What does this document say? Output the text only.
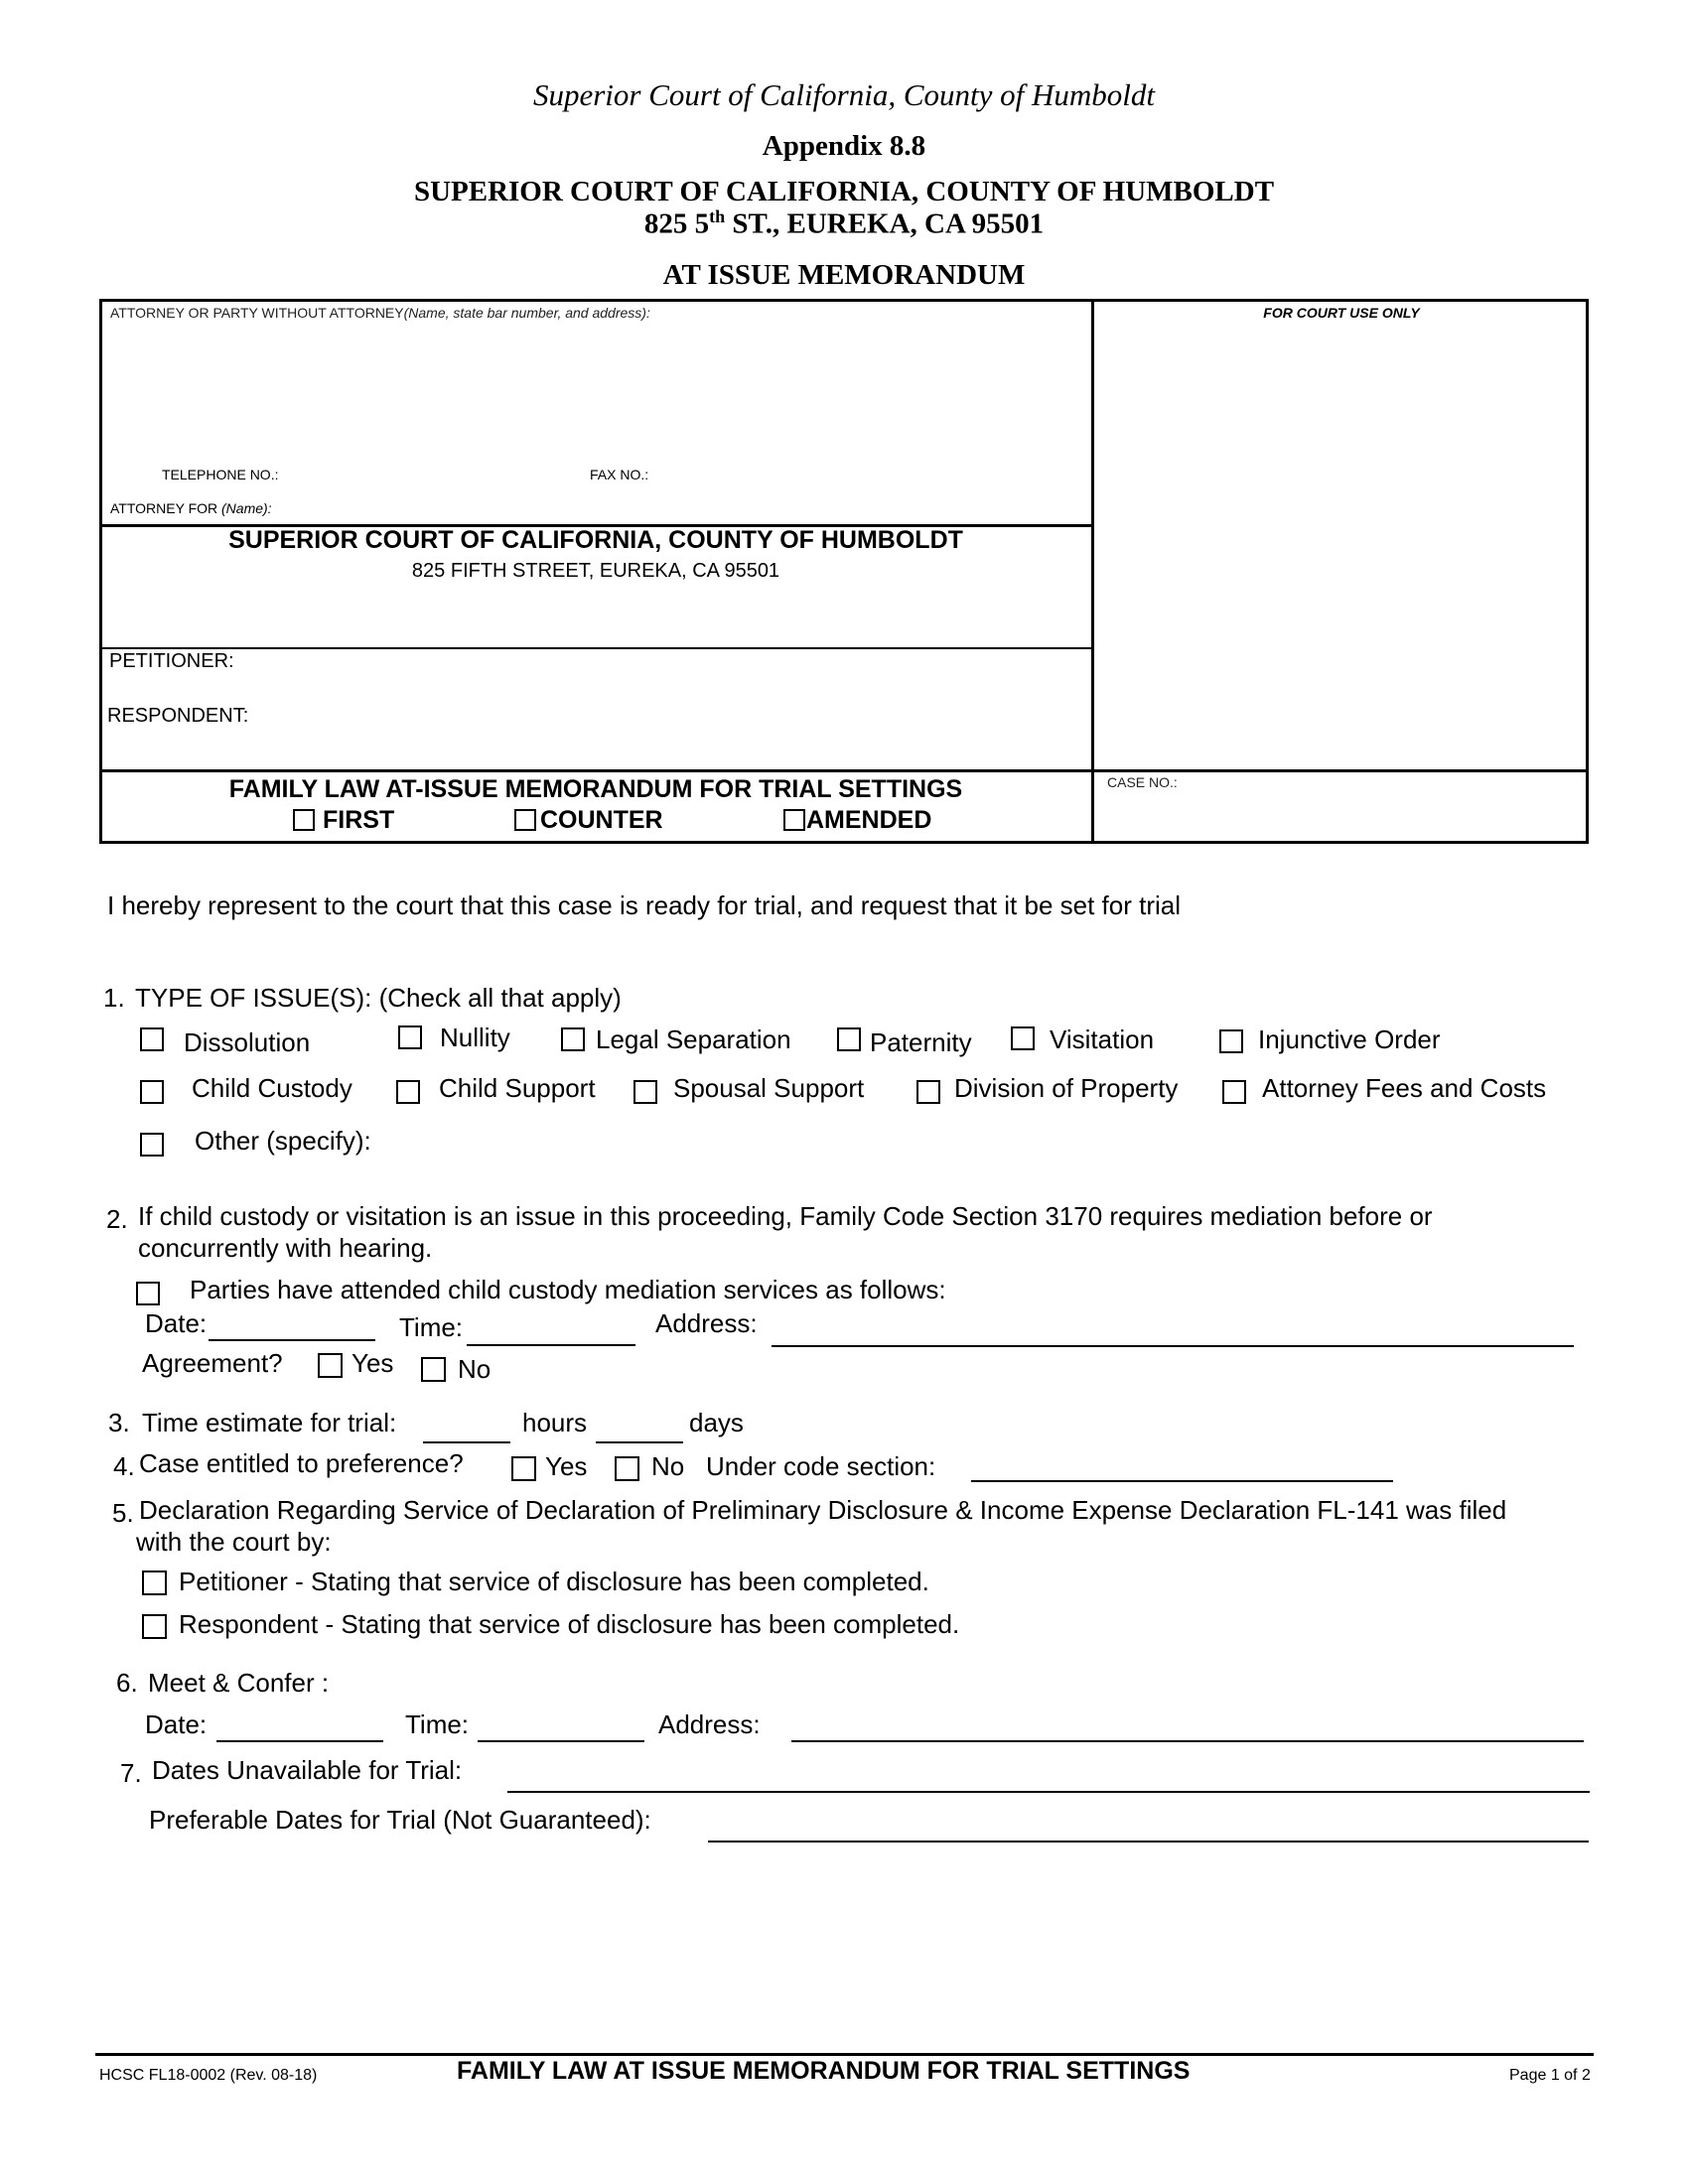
Superior Court of California, County of Humboldt
Appendix 8.8
SUPERIOR COURT OF CALIFORNIA, COUNTY OF HUMBOLDT
825 5th ST., EUREKA, CA 95501
AT ISSUE MEMORANDUM
ATTORNEY OR PARTY WITHOUT ATTORNEY(Name, state bar number, and address):	FOR COURT USE ONLY
TELEPHONE NO.:	FAX NO.:
ATTORNEY FOR (Name):
SUPERIOR COURT OF CALIFORNIA, COUNTY OF HUMBOLDT
825 FIFTH STREET, EUREKA, CA 95501
PETITIONER:
RESPONDENT:
FAMILY LAW AT-ISSUE MEMORANDUM FOR TRIAL SETTINGS	CASE NO.:
FIRST	COUNTER	AMENDED
I hereby represent to the court that this case is ready for trial, and request that it be set for trial
1. TYPE OF ISSUE(S): (Check all that apply)
Dissolution	Nullity	Legal Separation	Paternity	Visitation	Injunctive Order
Child Custody	Child Support	Spousal Support	Division of Property	Attorney Fees and Costs
Other (specify):
2. If child custody or visitation is an issue in this proceeding, Family Code Section 3170 requires mediation before or
concurrently with hearing.
Parties have attended child custody mediation services as follows:
Date:	Time:	Address:
Agreement?	Yes No
3. Time estimate for trial:	hours	days
4. Case entitled to preference?	Yes No Under code section:
5. Declaration Regarding Service of Declaration of Preliminary Disclosure & Income Expense Declaration FL-141 was filed
with the court by:
Petitioner - Stating that service of disclosure has been completed.
Respondent - Stating that service of disclosure has been completed.
6. Meet & Confer :
Date:	Time:	Address:
7. Dates Unavailable for Trial:
Preferable Dates for Trial (Not Guaranteed):
HCSC FL18-0002 (Rev. 08-18)	FAMILY LAW AT ISSUE MEMORANDUM FOR TRIAL SETTINGS	Page 1 of 2
